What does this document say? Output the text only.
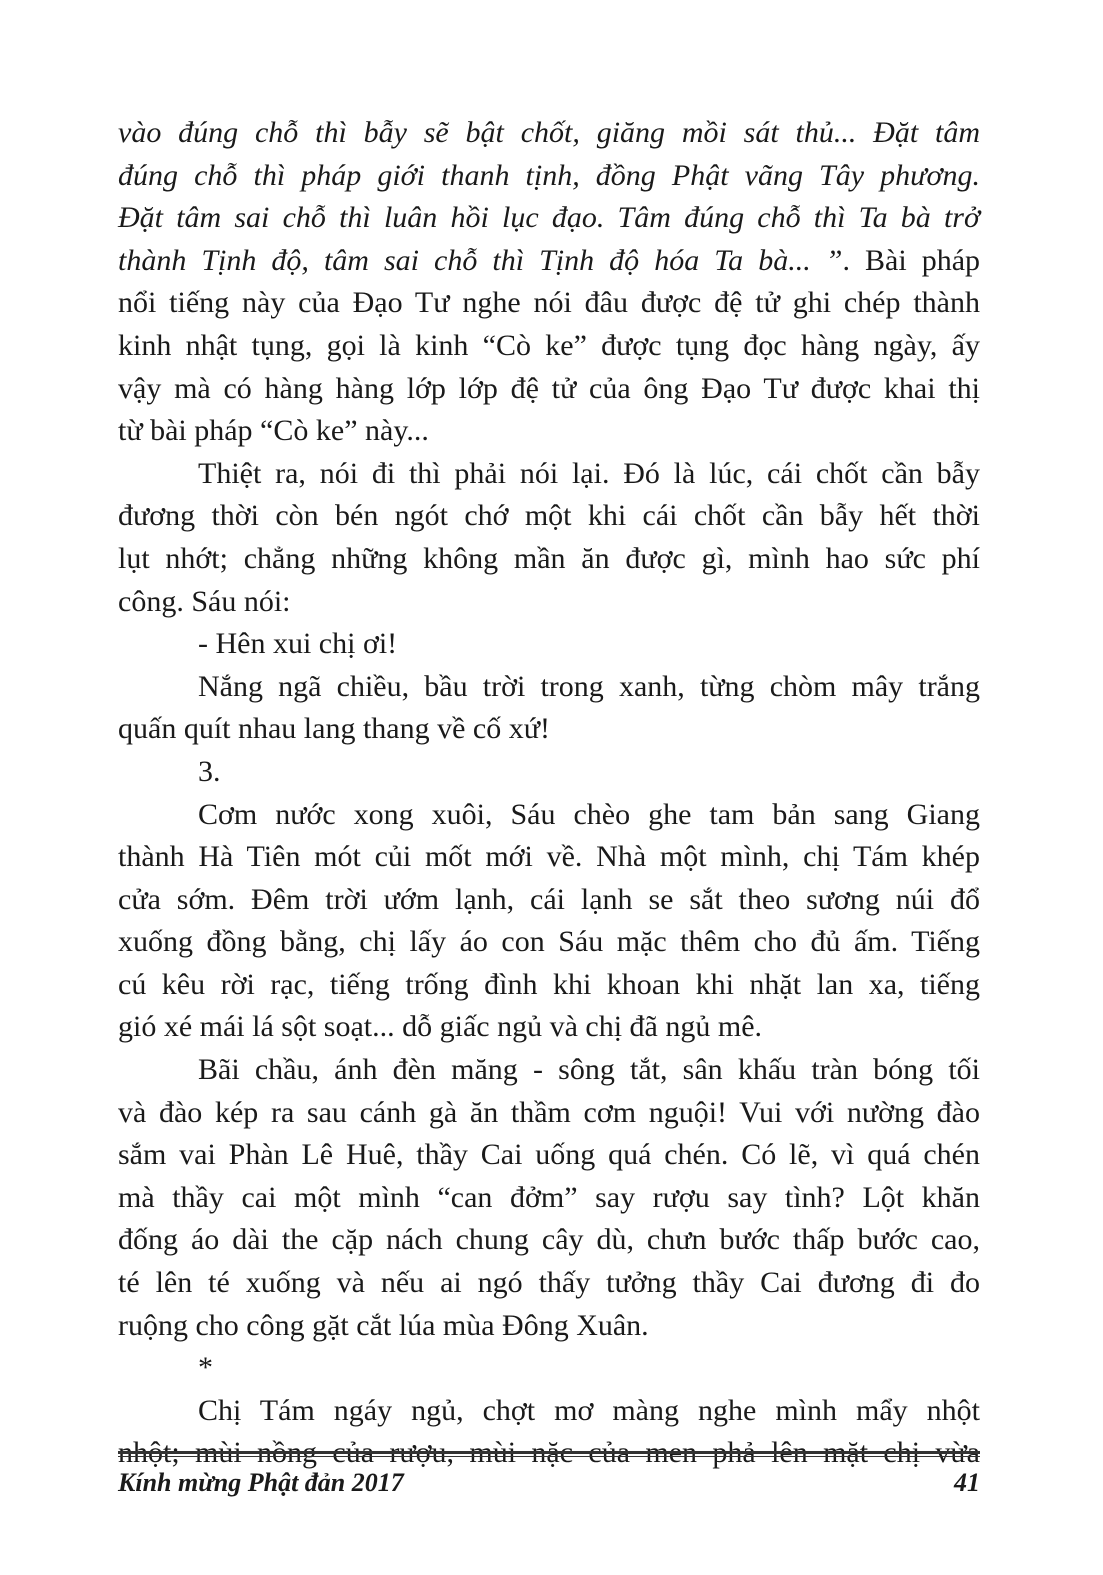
vào đúng chỗ thì bẫy sẽ bật chốt, giăng mồi sát thủ... Đặt tâm
đúng chỗ thì pháp giới thanh tịnh, đồng Phật vãng Tây phương.
Đặt tâm sai chỗ thì luân hồi lục đạo. Tâm đúng chỗ thì Ta bà trở
thành Tịnh độ, tâm sai chỗ thì Tịnh độ hóa Ta bà... ”. Bài pháp
nổi tiếng này của Đạo Tư nghe nói đâu được đệ tử ghi chép thành
kinh nhật tụng, gọi là kinh “Cò ke” được tụng đọc hàng ngày, ấy
vậy mà có hàng hàng lớp lớp đệ tử của ông Đạo Tư được khai thị
từ bài pháp “Cò ke” này...
Thiệt ra, nói đi thì phải nói lại. Đó là lúc, cái chốt cần bẫy
đương thời còn bén ngót chớ một khi cái chốt cần bẫy hết thời
lụt nhớt; chẳng những không mần ăn được gì, mình hao sức phí
công. Sáu nói:
- Hên xui chị ơi!
Nắng ngã chiều, bầu trời trong xanh, từng chòm mây trắng
quấn quít nhau lang thang về cố xứ!
3.
Cơm nước xong xuôi, Sáu chèo ghe tam bản sang Giang
thành Hà Tiên mót củi mốt mới về. Nhà một mình, chị Tám khép
cửa sớm. Đêm trời ướm lạnh, cái lạnh se sắt theo sương núi đổ
xuống đồng bằng, chị lấy áo con Sáu mặc thêm cho đủ ấm. Tiếng
cú kêu rời rạc, tiếng trống đình khi khoan khi nhặt lan xa, tiếng
gió xé mái lá sột soạt... dỗ giấc ngủ và chị đã ngủ mê.
Bãi chầu, ánh đèn măng - sông tắt, sân khấu tràn bóng tối
và đào kép ra sau cánh gà ăn thầm cơm nguội! Vui với nường đào
sắm vai Phàn Lê Huê, thầy Cai uống quá chén. Có lẽ, vì quá chén
mà thầy cai một mình “can đởm” say rượu say tình? Lột khăn
đống áo dài the cặp nách chung cây dù, chưn bước thấp bước cao,
té lên té xuống và nếu ai ngó thấy tưởng thầy Cai đương đi đo
ruộng cho công gặt cắt lúa mùa Đông Xuân.
*
Chị Tám ngáy ngủ, chợt mơ màng nghe mình mẩy nhột
nhột; mùi nồng của rượu, mùi nặc của men phả lên mặt chị vừa
Kính mừng Phật đản 2017	41
